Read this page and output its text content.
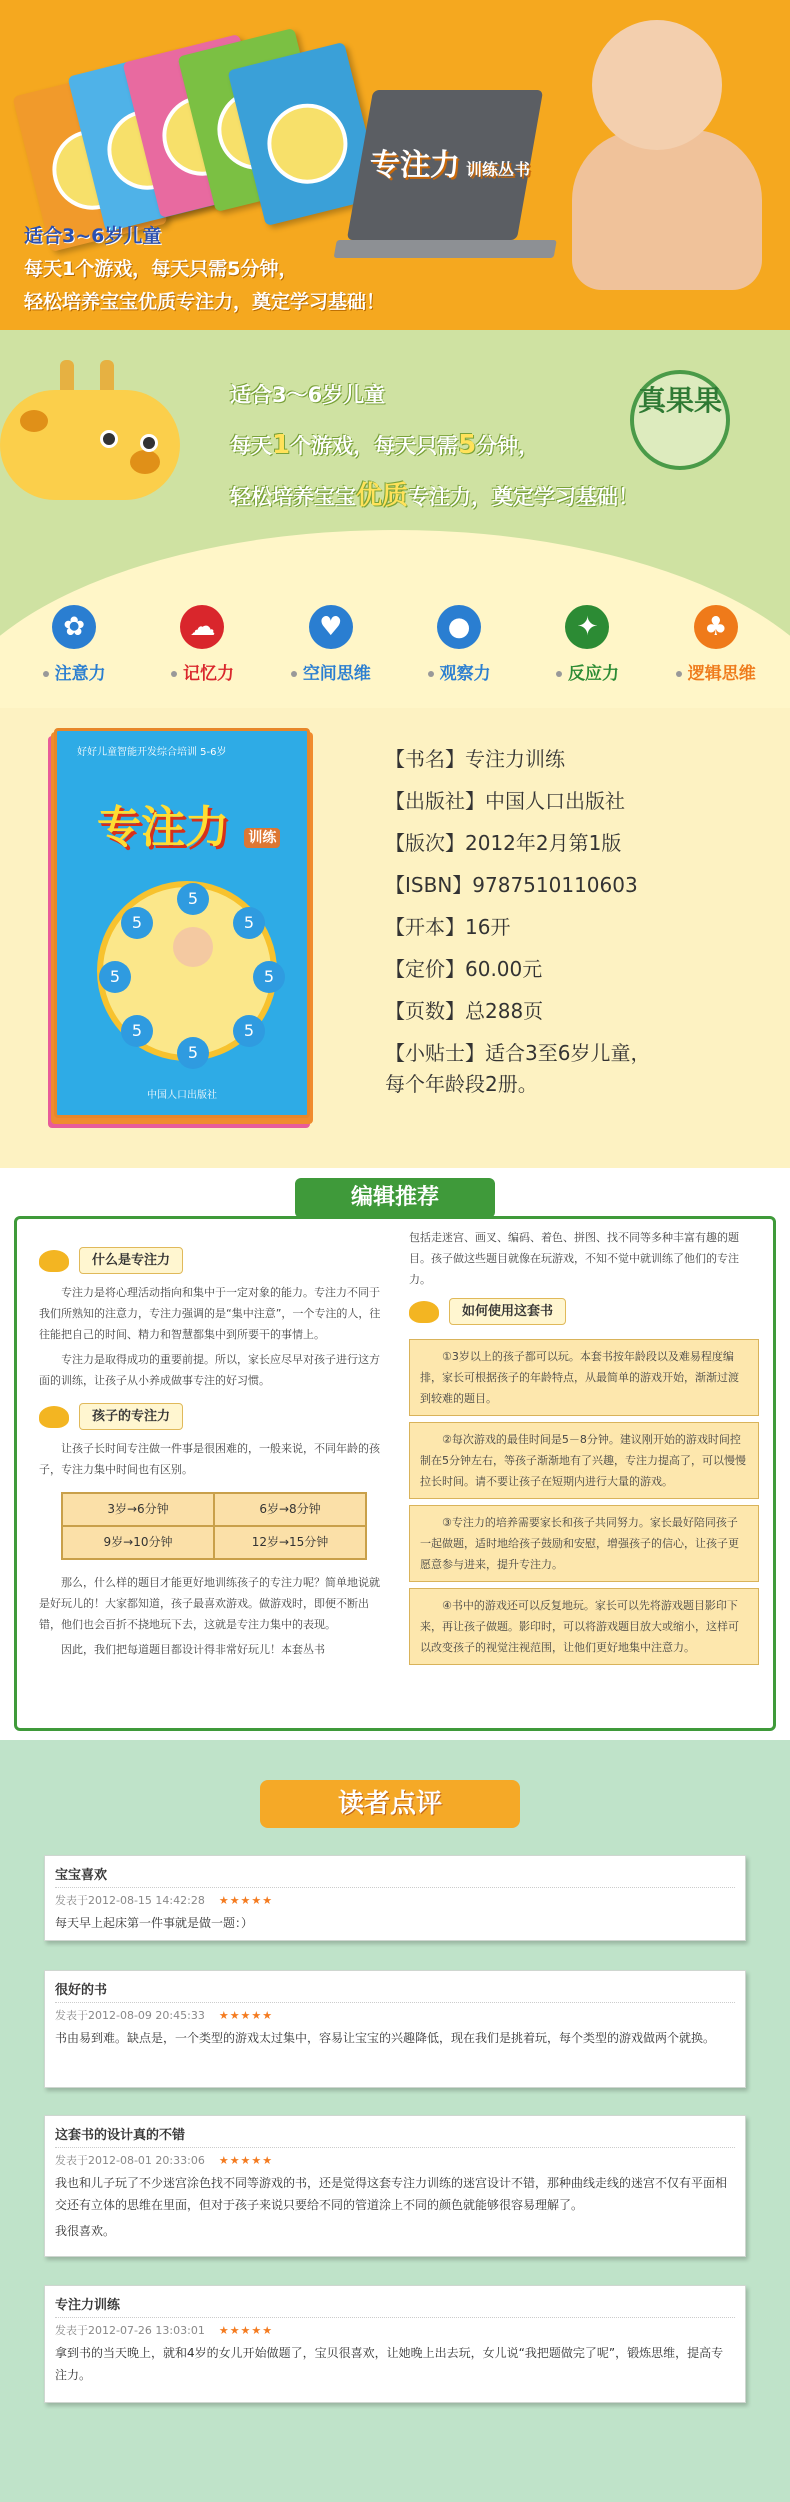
专注力 训练丛书
适合3~6岁儿童
每天1个游戏，每天只需5分钟，
轻松培养宝宝优质专注力，奠定学习基础！
适合3～6岁儿童
每天1个游戏，每天只需5分钟，
轻松培养宝宝优质专注力，奠定学习基础！
真果果
✿
注意力
☁
记忆力
♥
空间思维
●
观察力
✦
反应力
♣
逻辑思维
好好儿童智能开发综合培训 5-6岁
专注力 训练
5
5	5
5
5	5
5	5
中国人口出版社
【书名】专注力训练
【出版社】中国人口出版社
【版次】2012年2月第1版
【ISBN】9787510110603
【开本】16开
【定价】60.00元
【页数】总288页
【小贴士】适合3至6岁儿童，
每个年龄段2册。
什么是专注力
专注力是将心理活动指向和集中于一定对象的能力。专注力不同于我们所熟知的注意力，专注力强调的是“集中注意”，一个专注的人，往往能把自己的时间、精力和智慧都集中到所要干的事情上。
专注力是取得成功的重要前提。所以，家长应尽早对孩子进行这方面的训练，让孩子从小养成做事专注的好习惯。
孩子的专注力
让孩子长时间专注做一件事是很困难的，一般来说，不同年龄的孩子，专注力集中时间也有区别。
3岁→6分钟	6岁→8分钟
9岁→10分钟	12岁→15分钟
那么，什么样的题目才能更好地训练孩子的专注力呢？简单地说就是好玩儿的！大家都知道，孩子最喜欢游戏。做游戏时，即便不断出错，他们也会百折不挠地玩下去，这就是专注力集中的表现。
因此，我们把每道题目都设计得非常好玩儿！本套丛书
包括走迷宫、画叉、编码、着色、拼图、找不同等多种丰富有趣的题目。孩子做这些题目就像在玩游戏，不知不觉中就训练了他们的专注力。
如何使用这套书
①3岁以上的孩子都可以玩。本套书按年龄段以及难易程度编排，家长可根据孩子的年龄特点，从最简单的游戏开始，渐渐过渡到较难的题目。
②每次游戏的最佳时间是5－8分钟。建议刚开始的游戏时间控制在5分钟左右，等孩子渐渐地有了兴趣，专注力提高了，可以慢慢拉长时间。请不要让孩子在短期内进行大量的游戏。
③专注力的培养需要家长和孩子共同努力。家长最好陪同孩子一起做题，适时地给孩子鼓励和安慰，增强孩子的信心，让孩子更愿意参与进来，提升专注力。
④书中的游戏还可以反复地玩。家长可以先将游戏题目影印下来，再让孩子做题。影印时，可以将游戏题目放大或缩小，这样可以改变孩子的视觉注视范围，让他们更好地集中注意力。
编辑推荐
读者点评
宝宝喜欢
发表于2012-08-15 14:42:28 ★★★★★
每天早上起床第一件事就是做一题：）
很好的书
发表于2012-08-09 20:45:33 ★★★★★
书由易到难。缺点是，一个类型的游戏太过集中，容易让宝宝的兴趣降低，现在我们是挑着玩，每个类型的游戏做两个就换。
这套书的设计真的不错
发表于2012-08-01 20:33:06 ★★★★★
我也和儿子玩了不少迷宫涂色找不同等游戏的书，还是觉得这套专注力训练的迷宫设计不错，那种曲线走线的迷宫不仅有平面相交还有立体的思维在里面，但对于孩子来说只要给不同的管道涂上不同的颜色就能够很容易理解了。
我很喜欢。
专注力训练
发表于2012-07-26 13:03:01 ★★★★★
拿到书的当天晚上，就和4岁的女儿开始做题了，宝贝很喜欢，让她晚上出去玩，女儿说“我把题做完了呢”，锻炼思维，提高专注力。
